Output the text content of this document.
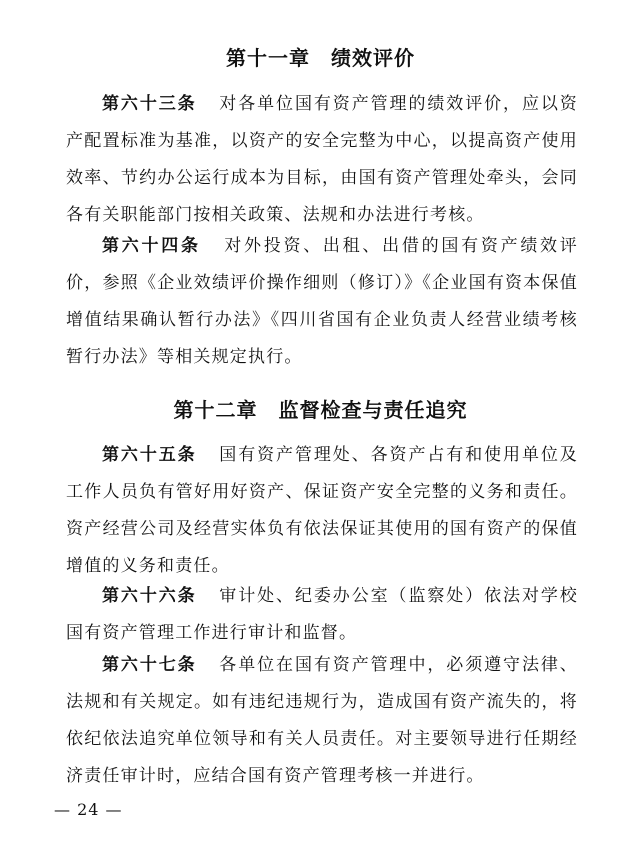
第十一章　绩效评价

第六十三条 对各单位国有资产管理的绩效评价，应以资产配置标准为基准，以资产的安全完整为中心，以提高资产使用效率、节约办公运行成本为目标，由国有资产管理处牵头，会同各有关职能部门按相关政策、法规和办法进行考核。

第六十四条 对外投资、出租、出借的国有资产绩效评价，参照《企业效绩评价操作细则（修订）》《企业国有资本保值增值结果确认暂行办法》《四川省国有企业负责人经营业绩考核暂行办法》等相关规定执行。

第十二章　监督检查与责任追究

第六十五条 国有资产管理处、各资产占有和使用单位及工作人员负有管好用好资产、保证资产安全完整的义务和责任。资产经营公司及经营实体负有依法保证其使用的国有资产的保值增值的义务和责任。

第六十六条 审计处、纪委办公室（监察处）依法对学校国有资产管理工作进行审计和监督。

第六十七条 各单位在国有资产管理中，必须遵守法律、法规和有关规定。如有违纪违规行为，造成国有资产流失的，将依纪依法追究单位领导和有关人员责任。对主要领导进行任期经济责任审计时，应结合国有资产管理考核一并进行。

— 24 —
